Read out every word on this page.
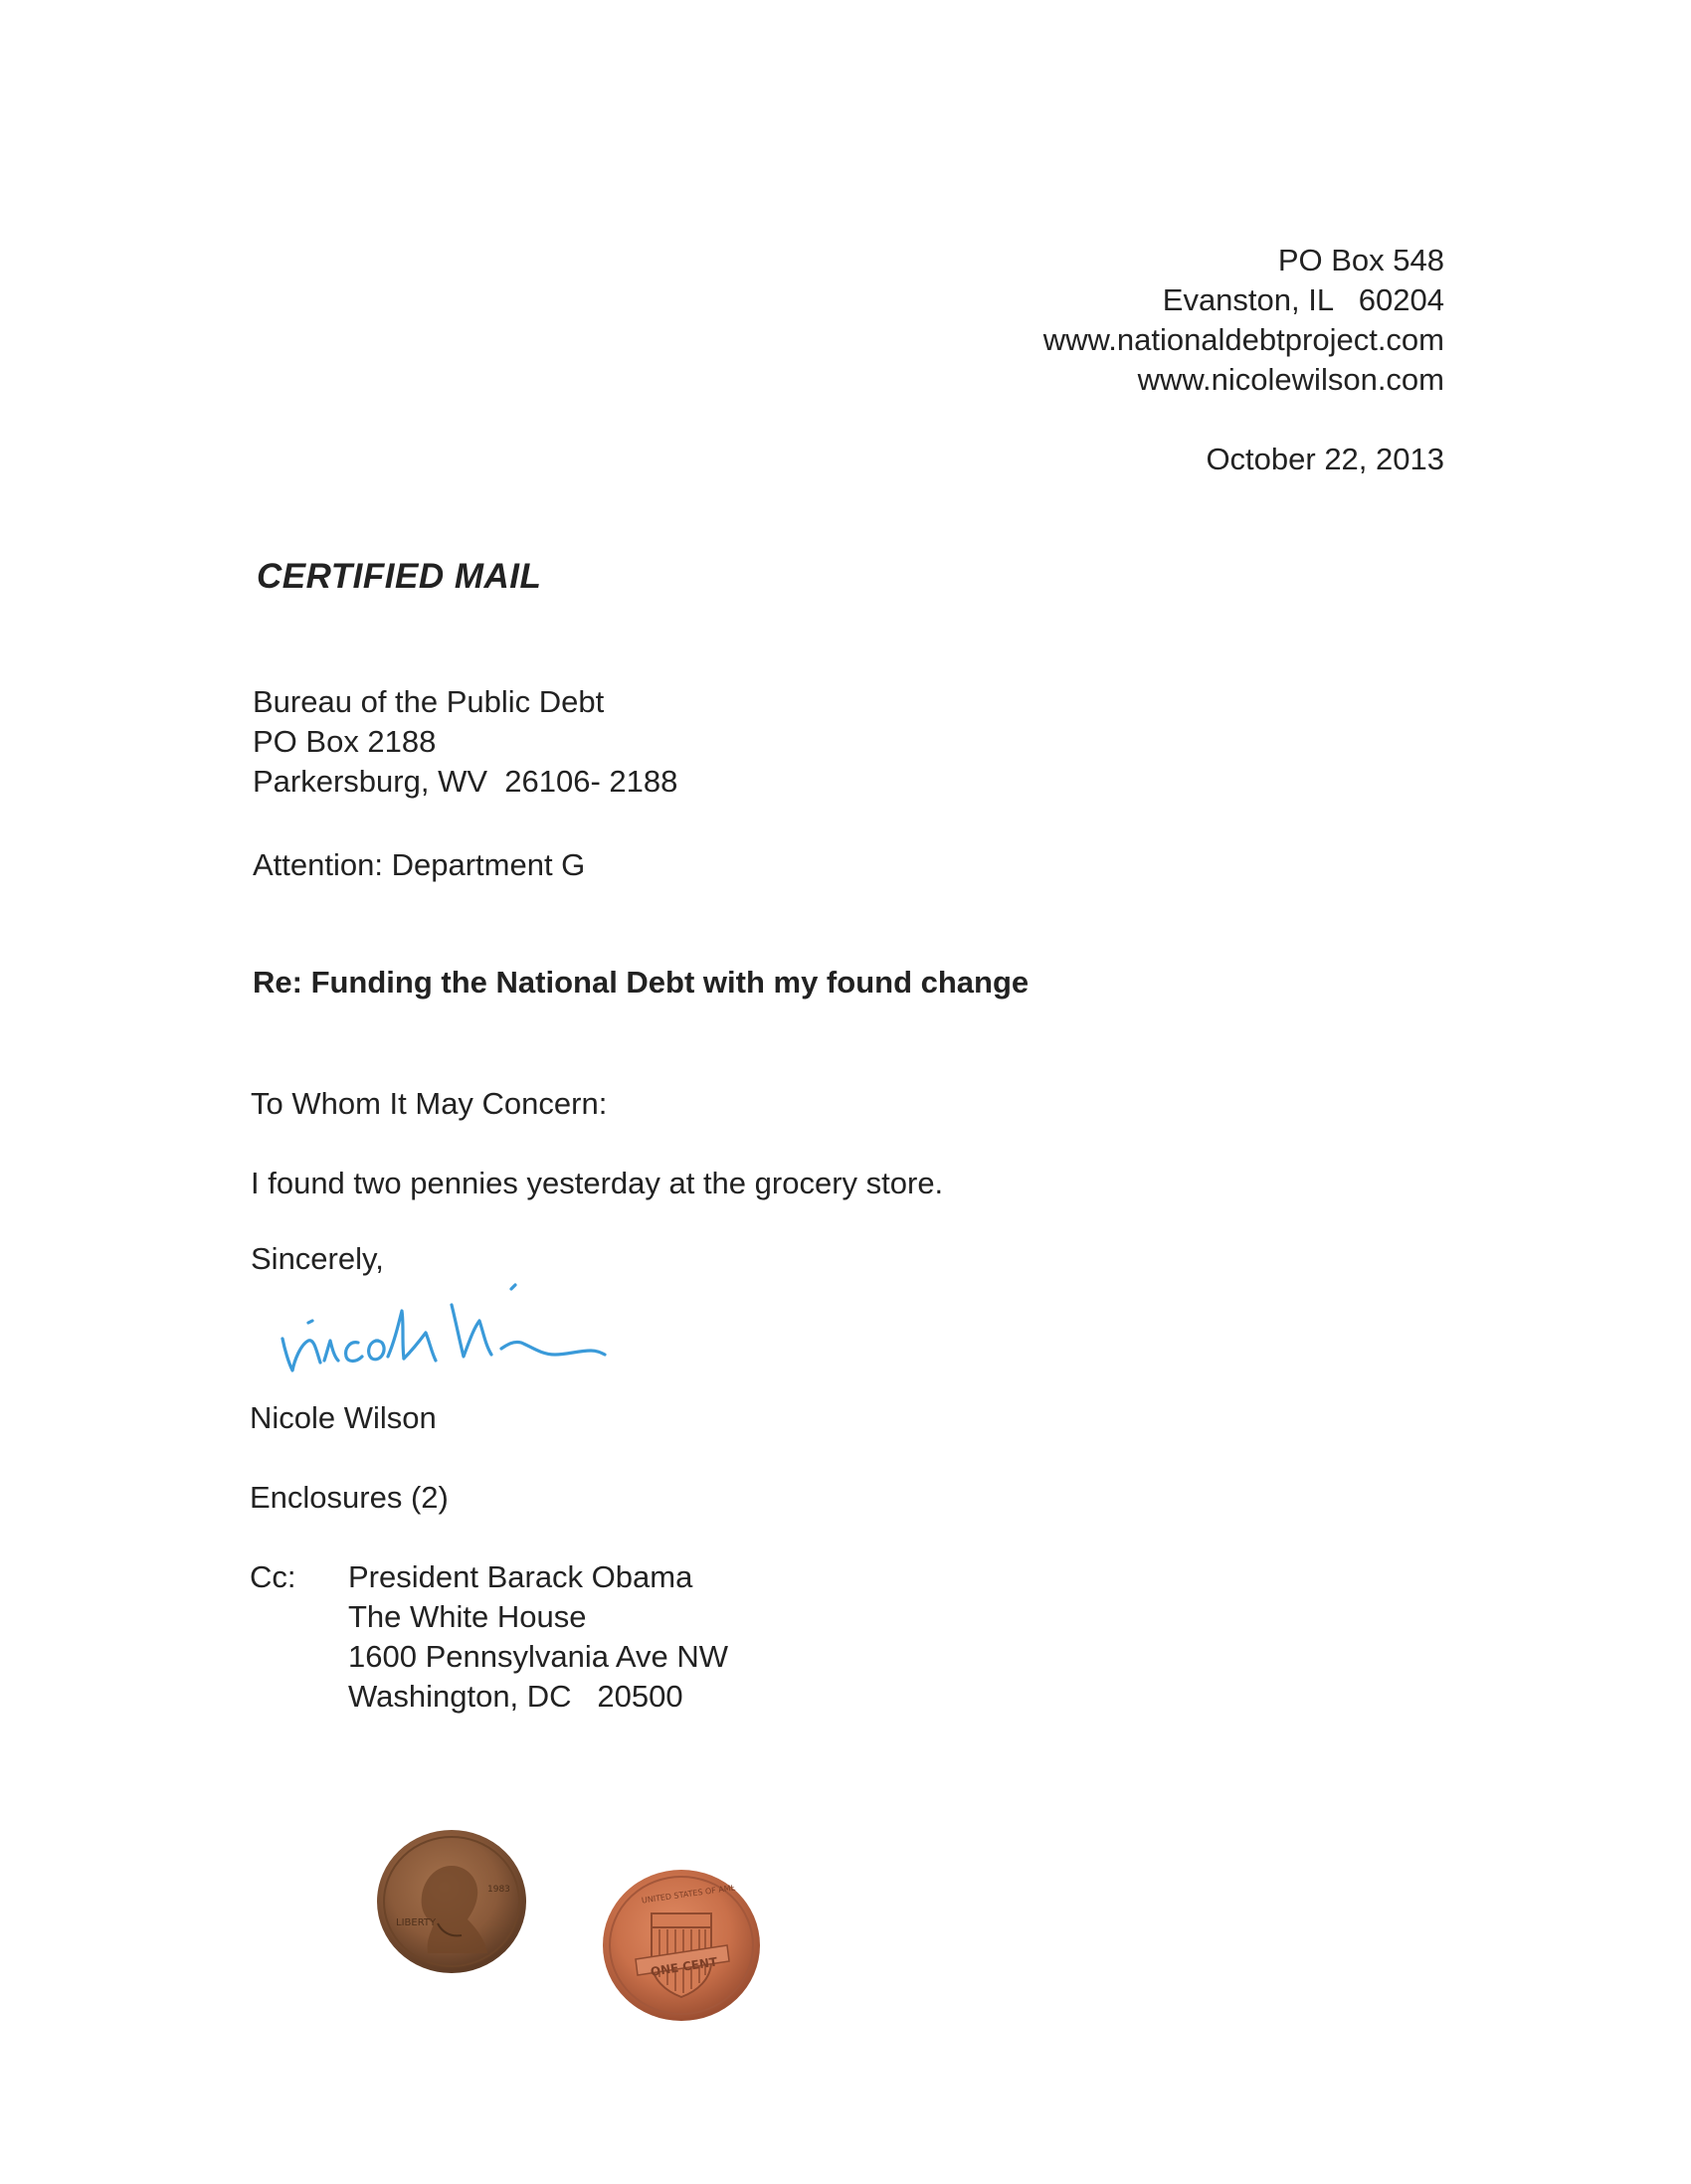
PO Box 548
Evanston, IL   60204
www.nationaldebtproject.com
www.nicolewilson.com
October 22, 2013
CERTIFIED MAIL
Bureau of the Public Debt
PO Box 2188
Parkersburg, WV  26106- 2188
Attention: Department G
Re: Funding the National Debt with my found change
To Whom It May Concern:
I found two pennies yesterday at the grocery store.
Sincerely,
Nicole Wilson
Enclosures (2)
Cc: President Barack Obama
The White House
1600 Pennsylvania Ave NW
Washington, DC   20500
LIBERTY
1983
ONE CENT
UNITED STATES OF AMERICA
